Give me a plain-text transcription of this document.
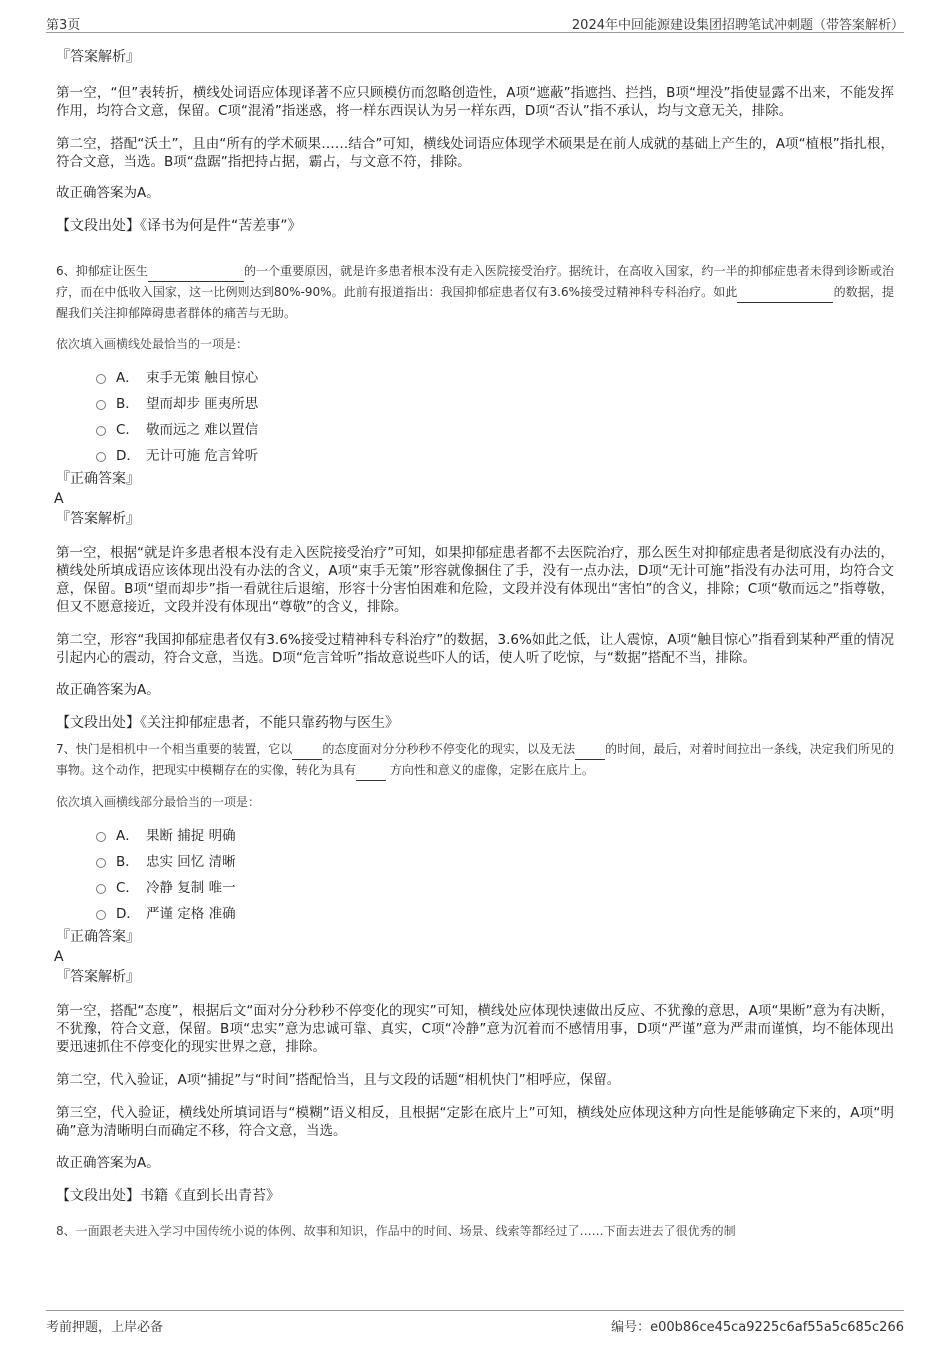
第3页	2024年中回能源建设集团招聘笔试冲刺题（带答案解析）
『答案解析』

第一空，“但”表转折，横线处词语应体现译著不应只顾模仿而忽略创造性，A项“遮蔽”指遮挡、拦挡，B项“埋没”指使显露不出来，不能发挥作用，均符合文意，保留。C项“混淆”指迷惑，将一样东西误认为另一样东西，D项“否认”指不承认，均与文意无关，排除。

第二空，搭配“沃土”，且由“所有的学术硕果……结合”可知，横线处词语应体现学术硕果是在前人成就的基础上产生的，A项“植根”指扎根，符合文意，当选。B项“盘踞”指把持占据，霸占，与文意不符，排除。

故正确答案为A。
【文段出处】《译书为何是件“苦差事”》

6、抑郁症让医生	的一个重要原因，就是许多患者根本没有走入医院接受治疗。据统计，在高收入国家，约一半的抑郁症患者未得到诊断或治疗，而在中低收入国家，这一比例则达到80%-90%。此前有报道指出：我国抑郁症患者仅有3.6%接受过精神科专科治疗。如此	的数据，提醒我们关注抑郁障碍患者群体的痛苦与无助。

依次填入画横线处最恰当的一项是：
A． 束手无策 触目惊心
B． 望而却步 匪夷所思
C． 敬而远之 难以置信
D． 无计可施 危言耸听
『正确答案』
A
『答案解析』

第一空，根据“就是许多患者根本没有走入医院接受治疗”可知，如果抑郁症患者都不去医院治疗，那么医生对抑郁症患者是彻底没有办法的，横线处所填成语应该体现出没有办法的含义，A项“束手无策”形容就像捆住了手，没有一点办法，D项“无计可施”指没有办法可用，均符合文意，保留。B项“望而却步”指一看就往后退缩，形容十分害怕困难和危险，文段并没有体现出“害怕”的含义，排除；C项“敬而远之”指尊敬，但又不愿意接近，文段并没有体现出“尊敬”的含义，排除。

第二空，形容“我国抑郁症患者仅有3.6%接受过精神科专科治疗”的数据，3.6%如此之低，让人震惊，A项“触目惊心”指看到某种严重的情况引起内心的震动，符合文意，当选。D项“危言耸听”指故意说些吓人的话，使人听了吃惊，与“数据”搭配不当，排除。

故正确答案为A。
【文段出处】《关注抑郁症患者，不能只靠药物与医生》

7、快门是相机中一个相当重要的装置，它以	的态度面对分分秒秒不停变化的现实，以及无法	的时间，最后，对着时间拉出一条线，决定我们所见的事物。这个动作，把现实中模糊存在的实像，转化为具有	方向性和意义的虚像，定影在底片上。

依次填入画横线部分最恰当的一项是：
A． 果断 捕捉 明确
B． 忠实 回忆 清晰
C． 冷静 复制 唯一
D． 严谨 定格 准确
『正确答案』
A
『答案解析』

第一空，搭配“态度”，根据后文“面对分分秒秒不停变化的现实”可知，横线处应体现快速做出反应、不犹豫的意思，A项“果断”意为有决断，不犹豫，符合文意，保留。B项“忠实”意为忠诚可靠、真实，C项“冷静”意为沉着而不感情用事，D项“严谨”意为严肃而谨慎，均不能体现出要迅速抓住不停变化的现实世界之意，排除。

第二空，代入验证，A项“捕捉”与“时间”搭配恰当，且与文段的话题“相机快门”相呼应，保留。

第三空，代入验证，横线处所填词语与“模糊”语义相反，且根据“定影在底片上”可知，横线处应体现这种方向性是能够确定下来的，A项“明确”意为清晰明白而确定不移，符合文意，当选。

故正确答案为A。
【文段出处】书籍《直到长出青苔》
8、一面跟老夫进入学习中国传统小说的体例、故事和知识，作品中的时间、场景、线索等都经过了……下面去进去了很优秀的制
考前押题，上岸必备	编号：e00b86ce45ca9225c6af55a5c685c266
